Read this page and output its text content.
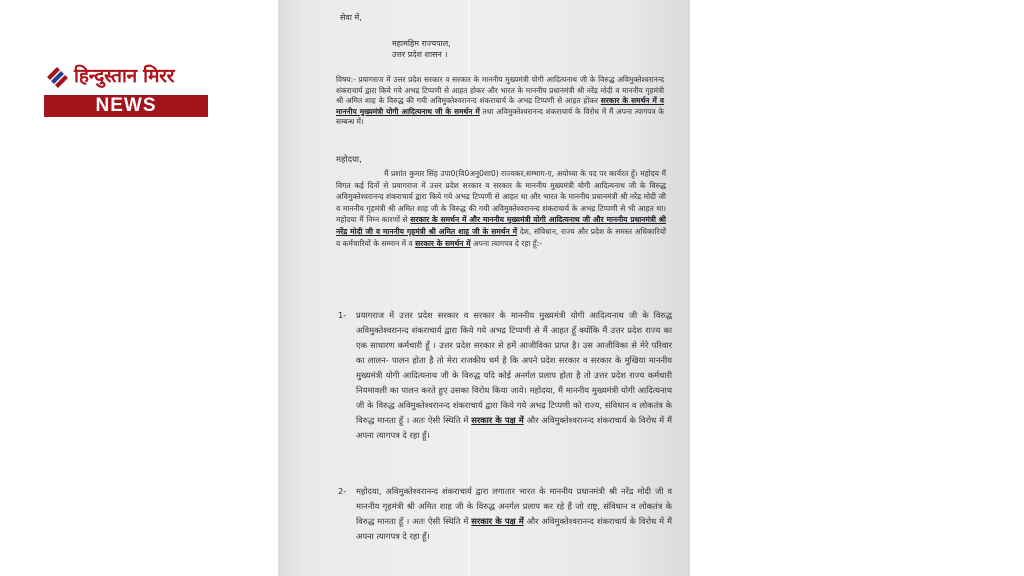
हिन्दुस्तान मिरर
NEWS

सेवा में,

महामहिम राज्यपाल,
उत्तर प्रदेश शासन ।

विषय:- प्रयागराज में उत्तर प्रदेश सरकार व सरकार के माननीय मुख्यमंत्री योगी आदित्यनाथ जी के विरुद्ध अविमुक्तेश्वरानन्द शंकराचार्य द्वारा किये गये अभद्र टिप्पणी से आहत होकर और भारत के माननीय प्रधानमंत्री श्री नरेंद्र मोदी व माननीय गृहमंत्री श्री अमित शाह के विरुद्ध की गयी अविमुक्तेश्वरानन्द शंकराचार्य के अभद्र टिप्पणी से आहत होकर सरकार के समर्थन में व माननीय मुख्यमंत्री योगी आदित्यनाथ जी के समर्थन में तथा अविमुक्तेश्वरानन्द शंकराचार्य के विरोध में मैं अपना त्यागपत्र के सम्बन्ध में।

महोदया,

मैं प्रशांत कुमार सिंह उपा0(वि0अनु0शा0) राज्यकर,सम्भाग-ए, अयोध्या के पद पर कार्यरत हूँ। महोदय मैं विगत कई दिनों से प्रयागराज में उत्तर प्रदेश सरकार व सरकार के माननीय मुख्यमंत्री योगी आदित्यनाथ जी के विरुद्ध अविमुक्तेश्वरानन्द शंकराचार्य द्वारा किये गये अभद्र टिप्पणी से आहत था और भारत के माननीय प्रधानमंत्री श्री नरेंद्र मोदी जी व माननीय गृहमंत्री श्री अमित शाह जी के विरुद्ध की गयी अविमुक्तेश्वरानन्द शंकराचार्य के अभद्र टिप्पणी से भी आहत था। महोदया मैं निम्न कारणों से सरकार के समर्थन में और माननीय मुख्यमंत्री योगी आदित्यनाथ जी और माननीय प्रधानमंत्री श्री नरेंद्र मोदी जी व माननीय गृहमंत्री श्री अमित शाह जी के समर्थन में देश, संविधान, राज्य और प्रदेश के समस्त अधिकारियों व कर्मचारियों के सम्मान में व सरकार के समर्थन में अपना त्यागपत्र दे रहा हूँ:-

1- प्रयागराज में उत्तर प्रदेश सरकार व सरकार के माननीय मुख्यमंत्री योगी आदित्यनाथ जी के विरुद्ध अविमुक्तेश्वरानन्द शंकराचार्य द्वारा किये गये अभद्र टिप्पणी से मैं आहत हूँ क्योंकि मैं उत्तर प्रदेश राज्य का एक साधारण कर्मचारी हूँ । उत्तर प्रदेश सरकार से हमें आजीविका प्राप्त है। उस आजीविका से मेरे परिवार का लालन- पालन होता है तो मेरा राजकीय धर्म है कि अपने प्रदेश सरकार व सरकार के मुखिया माननीय मुख्यमंत्री योगी आदित्यनाथ जी के विरुद्ध यदि कोई अनर्गल प्रलाप होता है तो उत्तर प्रदेश राज्य कर्मचारी नियमावली का पालन करते हुए उसका विरोध किया जाये। महोदया, मैं माननीय मुख्यमंत्री योगी आदित्यनाथ जी के विरुद्ध अविमुक्तेश्वरानन्द शंकराचार्य द्वारा किये गये अभद्र टिप्पणी को राज्य, संविधान व लोकतंत्र के विरुद्ध मानता हूँ । अतः ऐसी स्थिति में सरकार के पक्ष में और अविमुक्तेश्वरानन्द शंकराचार्य के विरोध में मैं अपना त्यागपत्र दे रहा हूँ।

2- महोदया, अविमुक्तेश्वरानन्द शंकराचार्य द्वारा लगातार भारत के माननीय प्रधानमंत्री श्री नरेंद्र मोदी जी व माननीय गृहमंत्री श्री अमित शाह जी के विरुद्ध अनर्गल प्रलाप कर रहे हैं जो राष्ट्र, संविधान व लोकतंत्र के विरुद्ध मानता हूँ । अतः ऐसी स्थिति में सरकार के पक्ष में और अविमुक्तेश्वरानन्द शंकराचार्य के विरोध में मैं अपना त्यागपत्र दे रहा हूँ।
